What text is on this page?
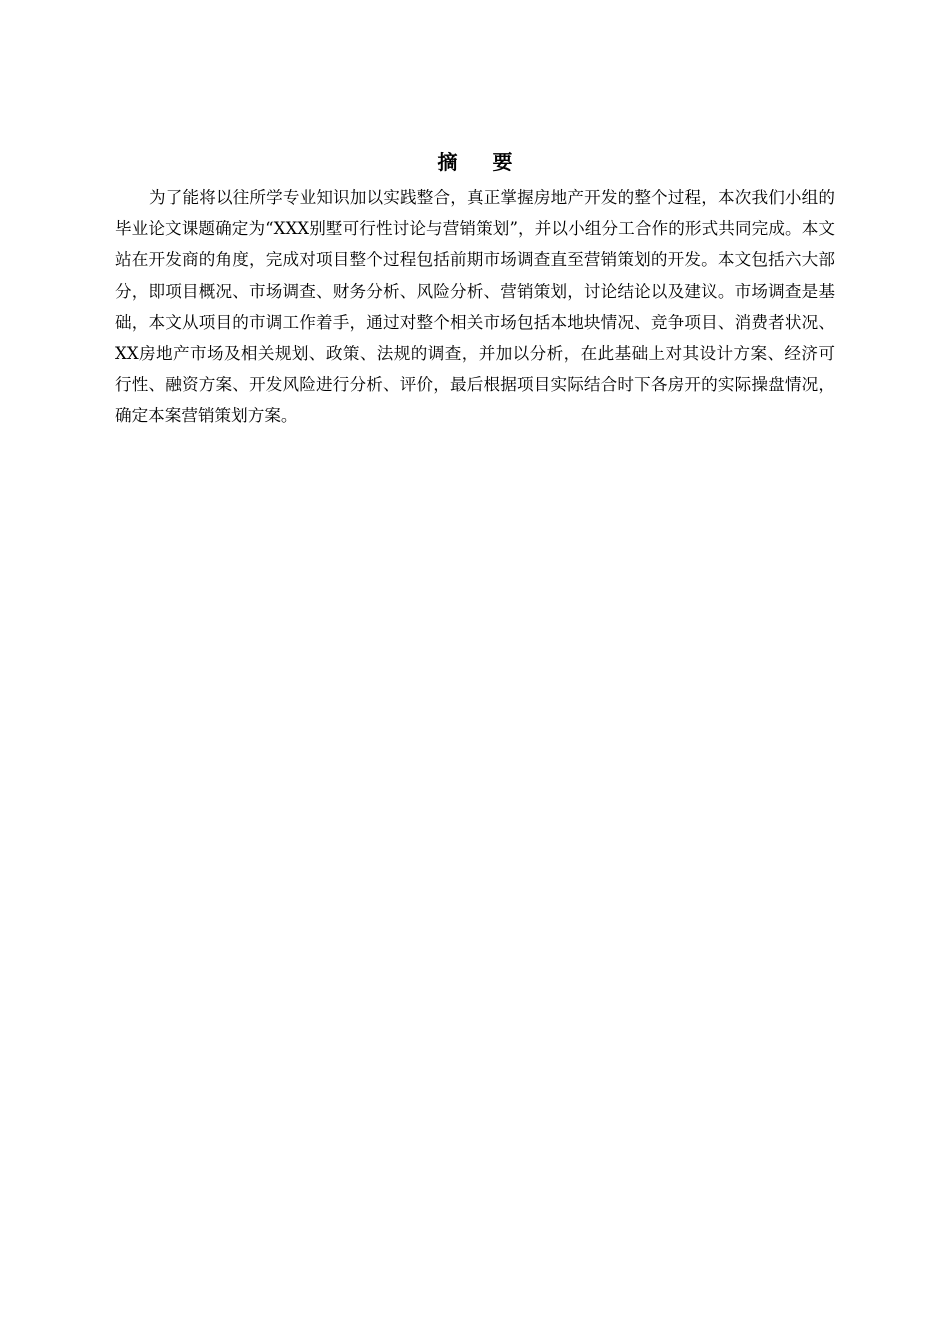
摘 要

为了能将以往所学专业知识加以实践整合，真正掌握房地产开发的整个过程，本次我们小组的毕业论文课题确定为“XXX别墅可行性讨论与营销策划”，并以小组分工合作的形式共同完成。本文站在开发商的角度，完成对项目整个过程包括前期市场调查直至营销策划的开发。本文包括六大部分，即项目概况、市场调查、财务分析、风险分析、营销策划，讨论结论以及建议。市场调查是基础，本文从项目的市调工作着手，通过对整个相关市场包括本地块情况、竞争项目、消费者状况、XX房地产市场及相关规划、政策、法规的调查，并加以分析，在此基础上对其设计方案、经济可行性、融资方案、开发风险进行分析、评价，最后根据项目实际结合时下各房开的实际操盘情况，确定本案营销策划方案。
